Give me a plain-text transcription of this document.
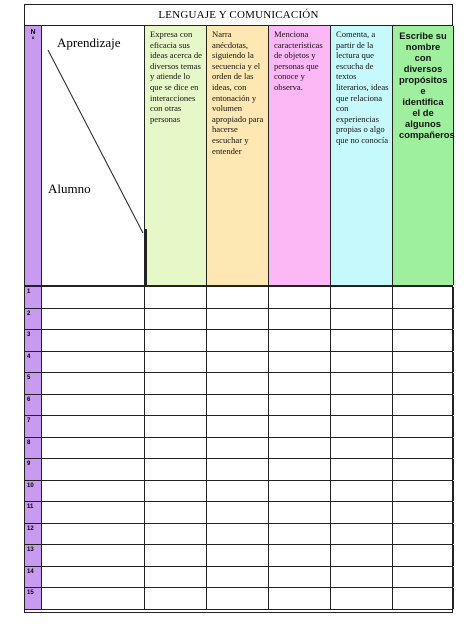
LENGUAJE Y COMUNICACIÓN
N
°	Aprendizaje
Alumno
Expresa con eficacia sus ideas acerca de diversos temas y atiende lo que se dice en interacciones con otras personas
Narra anécdotas, siguiendo la secuencia y el orden de las ideas, con entonación y volumen apropiado para hacerse escuchar y entender
Menciona características de objetos y personas que conoce y observa.
Comenta, a partir de la lectura que escucha de textos literarios, ideas que relaciona con experiencias propias o algo que no conocía
Escribe su nombre con diversos propósitos e identifica el de algunos compañeros
1
2
3
4
5
6
7
8
9
10
11
12
13
14
15
